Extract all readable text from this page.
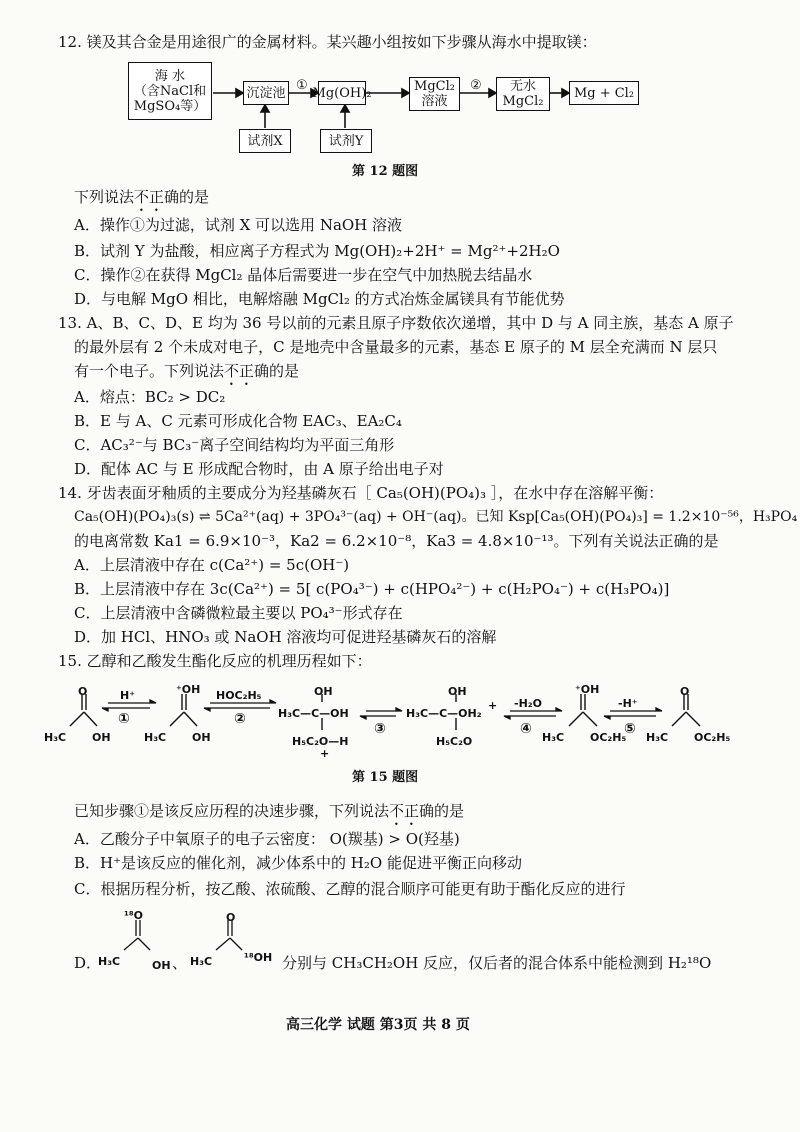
12. 镁及其合金是用途很广的金属材料。某兴趣小组按如下步骤从海水中提取镁：
海 水
（含NaCl和
MgSO₄等）
沉淀池 ① Mg(OH)₂	MgCl₂
溶液
② 无水
MgCl₂
Mg + Cl₂
试剂X	试剂Y
第 12 题图
下列说法不正确的是
A．操作①为过滤，试剂 X 可以选用 NaOH 溶液
B．试剂 Y 为盐酸，相应离子方程式为 Mg(OH)₂+2H⁺ = Mg²⁺+2H₂O
C．操作②在获得 MgCl₂ 晶体后需要进一步在空气中加热脱去结晶水
D．与电解 MgO 相比，电解熔融 MgCl₂ 的方式冶炼金属镁具有节能优势
13. A、B、C、D、E 均为 36 号以前的元素且原子序数依次递增，其中 D 与 A 同主族，基态 A 原子
的最外层有 2 个未成对电子，C 是地壳中含量最多的元素，基态 E 原子的 M 层全充满而 N 层只
有一个电子。下列说法不正确的是
A．熔点：BC₂ > DC₂
B．E 与 A、C 元素可形成化合物 EAC₃、EA₂C₄
C．AC₃²⁻与 BC₃⁻离子空间结构均为平面三角形
D．配体 AC 与 E 形成配合物时，由 A 原子给出电子对
14. 牙齿表面牙釉质的主要成分为羟基磷灰石［ Ca₅(OH)(PO₄)₃ ］，在水中存在溶解平衡：
Ca₅(OH)(PO₄)₃(s) ⇌ 5Ca²⁺(aq) + 3PO₄³⁻(aq) + OH⁻(aq)。已知 Ksp[Ca₅(OH)(PO₄)₃] = 1.2×10⁻⁵⁶，H₃PO₄
的电离常数 Ka1 = 6.9×10⁻³，Ka2 = 6.2×10⁻⁸，Ka3 = 4.8×10⁻¹³。下列有关说法正确的是
A．上层清液中存在 c(Ca²⁺) = 5c(OH⁻)
B．上层清液中存在 3c(Ca²⁺) = 5[ c(PO₄³⁻) + c(HPO₄²⁻) + c(H₂PO₄⁻) + c(H₃PO₄)]
C．上层清液中含磷微粒最主要以 PO₄³⁻形式存在
D．加 HCl、HNO₃ 或 NaOH 溶液均可促进羟基磷灰石的溶解
15. 乙醇和乙酸发生酯化反应的机理历程如下：
H⁺
①
HOC₂H₅
②
③
-H₂O
④
-H⁺
⑤
O
H₃C OH
⁺OH
H₃C OH
OH
H₃C—C—OH
H₅C₂O—H
+
OH
H₃C—C—OH₂
+
H₅C₂O
⁺OH
H₃C OC₂H₅
O
H₃C OC₂H₅
第 15 题图
已知步骤①是该反应历程的决速步骤，下列说法不正确的是
A．乙酸分子中氧原子的电子云密度： O(羰基) > O(羟基)
B．H⁺是该反应的催化剂，减少体系中的 H₂O 能促进平衡正向移动
C．根据历程分析，按乙酸、浓硫酸、乙醇的混合顺序可能更有助于酯化反应的进行
D．
¹⁸O
H₃C	OH 、
O
H₃C	¹⁸OH 分别与 CH₃CH₂OH 反应，仅后者的混合体系中能检测到 H₂¹⁸O
高三化学 试题 第3页 共 8 页
